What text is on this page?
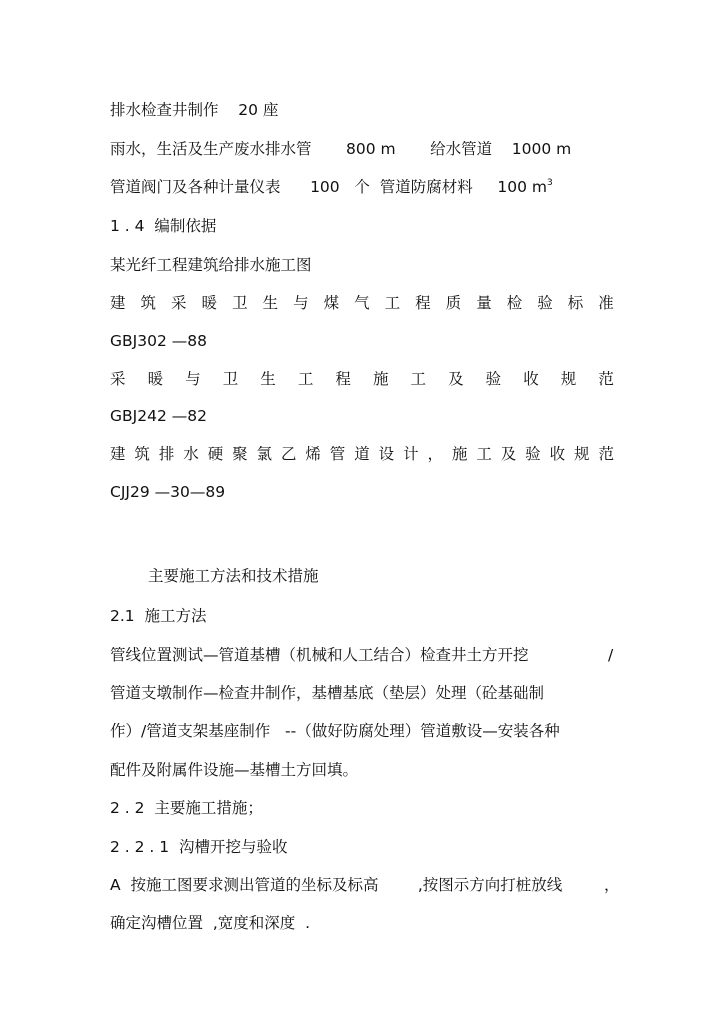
排水检查井制作    20 座
雨水，生活及生产废水排水管       800 m       给水管道    1000 m
管道阀门及各种计量仪表      100   个  管道防腐材料     100 $m^3$
1 . 4  编制依据
某光纤工程建筑给排水施工图
建 筑 采 暖 卫 生 与 煤 气 工 程 质 量 检 验 标 准
GBJ302 —88
采 暖 与 卫 生 工 程 施 工 及 验 收 规 范
GBJ242 —82
建 筑 排 水 硬 聚 氯 乙 烯 管 道 设 计 ， 施 工 及 验 收 规 范
CJJ29 —30—89
主要施工方法和技术措施
2.1  施工方法
管线位置测试—管道基槽（机械和人工结合）检查井土方开挖	/
管道支墩制作—检查井制作，基槽基底（垫层）处理（砼基础制
作）/管道支架基座制作   --（做好防腐处理）管道敷设—安装各种
配件及附属件设施—基槽土方回填。
2 . 2  主要施工措施；
2 . 2 . 1  沟槽开挖与验收
A  按施工图要求测出管道的坐标及标高        ,按图示方向打桩放线	，
确定沟槽位置  ,宽度和深度  .
